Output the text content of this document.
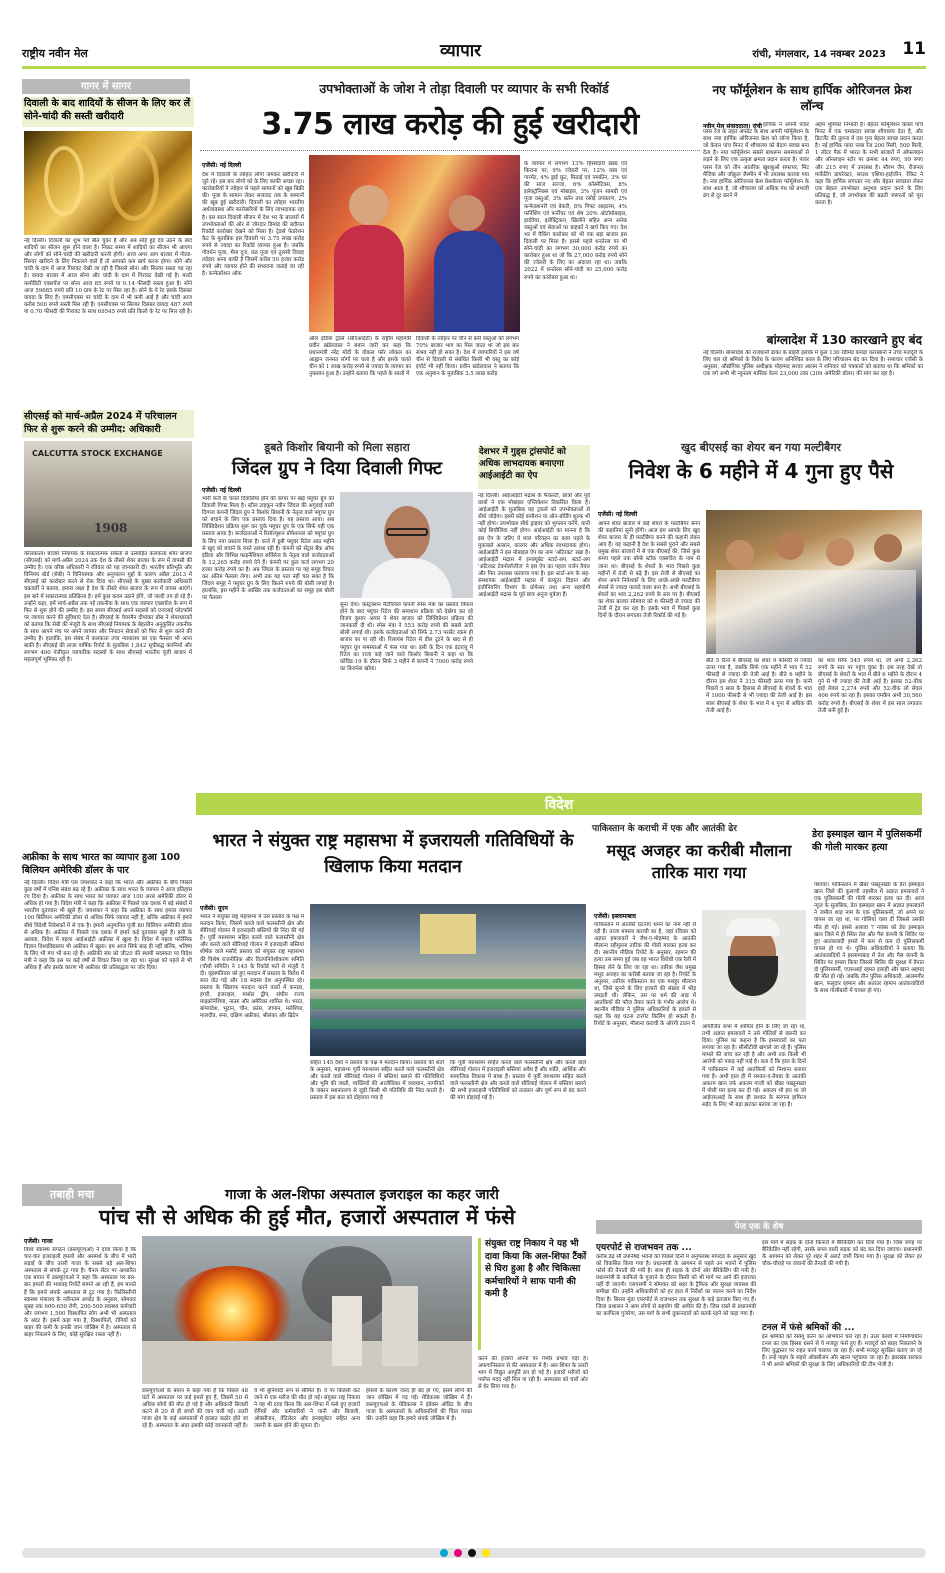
राष्ट्रीय नवीन मेल	व्यापार	रांची, मंगलवार, 14 नवम्बर 2023 11
गागर में सागर
दिवाली के बाद शादियों के सीजन के लिए कर लें सोने-चांदी की सस्ती खरीदारी
नई दिल्ली। दिवाली का शुभ पर्व बीत चुका है और अब सोई हुई देव उठने के बाद शादियों का सीजन शुरू होने वाला है। निकट समय में शादियों का सीजन भी आएगा और लोगों को सोने-चांदी की खरीदारी करनी होगी। आज अगर आप बाजार में गोल्ड-सिल्वर खरीदने के लिए निकलने वाले हैं तो आपको कम खर्च करना होगा। सोने और चांदी के दाम में आज गिरावट देखी जा रही है जिससे सोना और सिल्वर सस्ता पड़ रहा है। वायदा बाजार में आज सोना और चांदी के दाम में गिरावट देखी गई है। मल्टी कमोडिटी एक्सचेंज पर सोना आज 85 रुपये या 0.14 फीसदी सस्ता हुआ है। सोने आज 59685 रुपये प्रति 10 ग्राम के रेट पर मिल रहा है। सोने के ये रेट इसके दिसंबर वायदा के लिए हैं। एमसीएक्स पर चांदी के दाम में भी कमी आई है और चांदी आज करीब 500 रुपये सस्ती मिल रही है। एमसीएक्स पर सिल्वर दिसंबर वायदा 487 रुपये या 0.70 फीसदी की गिरावट के साथ 69545 रुपये प्रति किलो के रेट पर मिल रही है।
सीएसई को मार्च-अप्रैल 2024 में परिचालन फिर से शुरू करने की उम्मीद: अधिकारी
CALCUTTA STOCK EXCHANGE
1908
कोलकाता। बाजार नियामक के सकारात्मक संकेतों से उत्साहित कलकत्ता शेयर बाजार (सीएसई) को मार्च-अप्रैल 2024 तक देश के तीसरे शेयर बाजार के रूप में वापसी की उम्मीद है। एक वरिष्ठ अधिकारी ने रविवार को यह जानकारी दी। भारतीय प्रतिभूति और विनिमय बोर्ड (सेबी) ने विनियामक और अनुपालन मुद्दों के कारण अप्रैल 2013 में सीएसई को कारोबार करने से रोक दिया था। सीएसई के मुख्य कार्यकारी अधिकारी चक्रवर्ती ने बताया, हमारा लक्ष्य है देश के तीसरे शेयर बाजार के रूप में वापस आएंगे। इस बारे में सकारात्मक प्रतिक्रिया है। हमें कुछ कदम उठाने होंगे, जो जल्दी तय हो रहे हैं। उन्होंने कहा, हमें मार्च-अप्रैल तक नई तकनीक के साथ एक व्यापार एक्सचेंज के रूप में फिर से शुरू होने की उम्मीद है। इस समय सीएसई अपने सदस्यों को एनएसई प्लेटफॉर्म पर व्यापार करने की सुविधाएं देता है। सीएसई के चेयरमैन दीपांकर बोस ने शेयरधारकों को बताया कि सेबी की मंजूरी के साथ सीएसई नियामक के बेहतरीन अनुकूलित तकनीक के साथ आपने मंच पर अपने व्यापार और निपटान सेवाओं को फिर से शुरू करने की उम्मीद है। हालांकि, इस संबंध में कलकत्ता उच्च न्यायालय का एक फैसला भी आना बाकी है। सीएसई की ताजा वार्षिक रिपोर्ट के मुताबिक 1,842 सूचीबद्ध कंपनियों और लगभग 400 पंजीकृत व्यापारिक सदस्यों के साथ सीएसई भारतीय पूंजी बाजार में महत्वपूर्ण भूमिका रही है।
अफ्रीका के साथ भारत का व्यापार हुआ 100 बिलियन अमेरिकी डॉलर के पार
नई दिल्ली। विदेश मंत्री एस जयशंकर ने कहा कि भारत और अफ्रीका के बीच पिछले कुछ वर्षों में घनिष्ठ संबंध बढ़ रहे हैं। अफ्रीका के साथ भारत के व्यापार ने आज इतिहास रच दिया है। अफ्रीका के साथ भारत का व्यापार आज 100 अरब अमेरिकी डॉलर से अधिक हो गया है। विदेश मंत्री ने कहा कि अफ्रीका में पिछले एक दशक में बड़े संबंधों में भारतीय दूतावास भी खुले हैं। जयशंकर ने कहा कि अफ्रीका के साथ हमारा व्यापार 100 बिलियन अमेरिकी डॉलर से अधिक सिर्फ व्यापार नहीं है, बल्कि अफ्रीका में हमारे सीधे विदेशी निवेशकों में से एक है। हमारी अनुमानित पूंजी 80 बिलियन अमेरिकी डॉलर से अधिक है। अफ्रीका में पिछले एक दशक में हमारे कई दूतावास खुले हैं। इसी के अलावा, विदेश में पहला आईआईटी अफ्रीका में खुला है। विदेश में पहला फोरेंसिक विज्ञान विश्वविद्यालय भी अफ्रीका में खुला। हम आज सिर्फ बाढ़ ही नहीं बल्कि, भविष्य के लिए भी मंच भी बना रहे हैं। अफ्रीकी संघ को जी20 की स्थायी सदस्यता पर विदेश मंत्री ने कहा कि इस पर कई वर्षों से विचार किया जा रहा था। सुरक्षा को पहले से भी अधिक हैं और इसके कारण भी अफ्रीका की प्रतिबद्धता पर जोर दिया।
उपभोक्ताओं के जोश ने तोड़ा दिवाली पर व्यापार के सभी रिकॉर्ड
3.75 लाख करोड़ की हुई खरीदारी
एजेंसी। नई दिल्ली
देश में दिवाली के त्योहार लोगों जमकर खरीदारी में जुटे रहे। इस बार लोगों को के लिए काफी अच्छा रहा। कारोबारियों ने त्योहार से पहले सामानों को खूब बिक्री की। पूजा के सामान लेकर सजावट तक के सामानों की खूब हुई खरीदारी। दिवाली का त्योहार भारतीय अर्थव्यवस्था और कारोबारियों के लिए लाभदायक रहा है। इस साल दिवाली सीजन में देश भर के बाजारों में उपभोक्ताओं की ओर से जोरदार डिमांड की बदौलत रिकॉर्ड कारोबार देखने को मिला है। ट्रेडर्स फेडरेशन कैट के मुताबिक इस दिवाली पर 3.75 लाख करोड़ रुपये से ज्यादा का रिकॉर्ड व्यापार हुआ है। जबकि गोवर्धन पूजा, भैया दूज, छठ पूजा एवं तुलसी विवाह त्योहार आना बाकी है जिसमें करीब 50 हजार करोड़ रुपये और व्यापार होने की संभावना जताई जा रही है। कन्फेडरेशन ऑफ
ऑल इंडिया ट्रेडर्स (सीएआईटी) के राष्ट्रीय महामंत्री प्रवीन खंडेलवाल ने बयान जारी कर कहा कि प्रधानमंत्री नरेंद्र मोदी के वोकल फॉर लोकल का आह्वान जनमत लोगों पर चला है और इसके चलते चीन को 1 लाख करोड़ रुपये से ज्यादा के व्यापार का नुकसान हुआ है। उन्होंने बताया कि पहले के सालों में
दिवाली के त्योहार पर चीन से बनी वस्तुओं को लगभग 70% बाजार भाग का मिल जाता था जो इस बार संभव नहीं हो सका है। देश में व्यापारियों ने इस वर्ष चीन से दिवाली से संबंधित किसी भी वस्तु का कोई इंपोर्ट भी नहीं किया। प्रवीन खंडेलवाल ने बताया कि एक अनुमान के मुताबिक 3.5 लाख करोड़
के व्यापार में लगभग 13% हिस्सेदारी खाद्य एवं किराना पर, 9% ज्वेलरी पर, 12% वस्त्र एवं गारमेंट, 4% ड्राई फ्रूट, मिठाई एवं नमकीन, 3% घर की साज सज्जा, 6% कॉस्मेटिक्स, 8% इलेक्ट्रॉनिक्स एवं मोबाइल, 3% पूजन सामग्री एवं पूजा वस्तुओं, 3% बर्तन तथा रसोई उपकरण, 2% कन्फेक्शनरी एवं बेकरी, 8% गिफ्ट आइटम्स, 4% फर्निशिंग एवं फर्नीचर एवं शेष 20% ऑटोमोबाइल, हार्डवेयर, इलेक्ट्रिकल, खिलौने सहित अन्य अनेक वस्तुओं एवं सेवाओं पर ग्राहकों ने खर्च किए गए। देश भर में पैकिंग कारोबार को भी एक बड़ा बाजार इस दिवाली पर मिला है। इससे पहले धनतेरस पर भी सोने-चांदी का लगभग 30,000 करोड़ रुपये का कारोबार हुआ था जो कि 27,000 करोड़ रुपये सोने की ज्वेलरी के लिए का अंदाजा रहा था। जबकि 2022 में धनतेरस सोने-चांदी का 25,000 करोड़ रुपये का कारोबार हुआ था।
नए फॉर्मूलेशन के साथ हार्पिक ओरिजनल फ्रेश लॉन्च
नवीन मेल संवाददाता। रांची हार्पिक ने अपनी पावर प्लस रेंज के तहत अपडेट के साथ अपनी फॉर्मूलेशन के साथ नया हार्पिक ओरिजनल फ्रेश को लॉन्च किया है, जो केवल पांच मिनट में शौचालय को बेदाग स्वच्छ बना देता है। नया फॉर्मूलेशन सबसे बाथरूम समस्याओं से लड़ने के लिए एक उत्कृष्ट क्षमता प्रदान करता है। पावर प्लस रेंज को तीन आंतरिक खुशबुओं सफायर, मिंट मैजिक और जॉफ्रुल जैस्मीन में भी उपलब्ध कराया गया है। नया हार्पिक ओरिजनल फ्रेश फ्रेशकेयर फॉर्मूलेशन के साथ आता है, जो शौचालय को अधिक गंध को प्रभावी ढंग से दूर करने में
अहम भूमिका निभाती है। बेहतर फॉर्मूलेशन केवल पांच मिनट में एक चमकदार स्वच्छ शौचालय देता है, और डिटर्जेंट की तुलना में दस गुना बेहतर स्वच्छ प्रदान करता है। नई हार्पिक पावर प्लस रेंज 200 मिली, 500 मिली, 1 लीटर पैक में भारत के सभी बाजारों में ऑफलाइन और ऑनलाइन स्टोर पर क्रमशः 44 रुपए, 99 रुपए और 215 रुपए में उपलब्ध है। सौरभ जैन, रीजनल मार्केटिंग डायरेक्टर, साउथ एशिया-हाईजीन, रेकिट ने कहा कि हार्पिक लगातार नए और बेहतर स्वच्छता लेकर एक बेहतर उपभोक्ता अनुभव प्रदान करने के लिए प्रतिबद्ध है, जो उपभोक्ता की बढ़ती जरूरतों को पूरा करता है।
बांग्लादेश में 130 कारखाने हुए बंद
नई दिल्ली। बांग्लादेश की राजधानी ढाका के बाहरी इलाके में कुल 130 रेडीमेड कपड़ा कारखानों ने उच्च मजदूरी के लिए चल रहे श्रमिकों के विरोध के कारण अनिश्चित काल के लिए परिचालन बंद कर दिया है। समाचार एजेंसी के अनुसार, औद्योगिक पुलिस अधीक्षक मोहम्मद सरवर आलम ने शनिवार को पत्रकारों को बताया था कि श्रमिकों का एक वर्ग अभी भी न्यूनतम मासिक वेतन 23,000 टका (209 अमेरिकी डॉलर) की मांग कर रहा है।
डूबते किशोर बियानी को मिला सहारा
जिंदल ग्रुप ने दिया दिवाली गिफ्ट
एजेंसी। नई दिल्ली
भारी कर्ज के चलते दिवालिया होने की कगार पर खड़े फ्यूचर ग्रुप को दिवाली गिफ्ट मिला है। स्टील टाइकून नवीन जिंदल की अगुवाई वाली दिग्गज कंपनी जिंदल ग्रुप ने किशोर बियानी के नेतृत्व वाले फ्यूचर ग्रुप को बचाने के लिए एक प्रस्ताव दिया है। यह प्रस्ताव आया। अब लिक्विडेशन प्रक्रिया शुरू कर चुके फ्यूचर ग्रुप के एक सिर्फ यही एक प्रस्ताव आया है। कर्जदाताओं ने रिसॉल्यूशन प्रोफेशनल को फ्यूचर ग्रुप के लिए नया प्रस्ताव मिला है। कर्ज में डूबी फ्यूचर रिटेल आठ महीने से खुद को बचाने के रास्ते तलाश रही है। कंपनी को सेंट्रल बैंक ऑफ इंडिया और विभिन्न फाइनेंशियल सर्विसेज के नेतृत्व वाले कर्जदाताओं के 12,265 करोड़ रुपये देने हैं। कंपनी पर कुल कर्ज लगभग 20 हजार करोड़ रुपये का है। अब जिंदल के प्रस्ताव पर यह समूह विचार कर अंतिम फैसला लेगा। अभी तक यह पता नहीं चल सका है कि जिंदल समूह ने फ्यूचर ग्रुप के लिए कितने रुपये की बोली लगाई है। हालांकि, इस महीने के आखिर तक कर्जदाताओं का समूह इस बोली पर फैसला
सुना देगा। कंस्ट्रक्शन मैटीरियल कंपनी स्पेस मंत्रा का प्रस्ताव विफल होने के बाद फ्यूचर रिटेल की समाधान प्रक्रिया को देखेगा कर रहे विजय कुमार अय्यर ने शेयर बाजार को लिक्विडेशन प्रक्रिया की जानकारी दी थी। स्पेस मंत्रा ने 553 करोड़ रुपये की सबसे ऊंची बोली लगाई थी। इसके कर्जदाताओं को सिर्फ 2.73 परसेंट रकम ही बाजार का पा रही थी। रिलायंस रिटेल से डील टूटने के बाद से ही फ्यूचर ग्रुप समस्याओं में फंस गया था। इसी के दिन एक इंटरव्यू में रिटेल का राजा कहे जाने वाले किशोर बियानी ने कहा था कि कोविड-19 के दौरान सिर्फ 3 महीने में कंपनी ने 7000 करोड़ रुपये का बिजनेस खोया।
देशभर में गुड्स ट्रांसपोर्ट को अधिक लाभदायक बनाएगा आईआईटी का ऐप
नई दिल्ली। आईआईटी मद्रास के फैकल्टी, छात्रों और पूर्व छात्रों ने एक मोबाइल एप्लिकेशन विकसित किया है। आईआईटी के मुताबिक यह ट्रकर्स को उपभोक्ताओं से सीधे जोड़ेगा। इसमें कोई कमीशन या ऑन-बोर्डिंग शुल्क भी नहीं होगा। उपभोक्ता सीधे ड्राइवर को भुगतान करेंगे, यानी कोई बिचौलिया नहीं होगा। आईआईटी का मानना है कि इस ऐप के ज़रिए ये माल परिवहन का काम पहले के मुकाबले आसान, कारगर और अधिक लाभदायक होगा। आईआईटी ने इस मोबाइल ऐप का नाम 'अंटिरक्ट' रखा है। आईआईटी मद्रास में इनक्यूबेट स्टार्ट-अप, स्टार्ट-अप 'अंटिरक्ट टेक्नोलॉजीज' ने इस ऐप का पहला वर्जन तैयार और फिर उपलब्ध करवाया गया है। इस स्टार्ट-अप के सह-संस्थापक आईआईटी मद्रास में कंप्यूटर विज्ञान और इंजीनियरिंग विभाग के प्रोफेसर तथा अन्य सहयोगी आईआईटी मद्रास के पूर्व छात्र अनुज मुत्रेजा हैं।
खुद बीएसई का शेयर बन गया मल्टीबैगर
निवेश के 6 महीने में 4 गुना हुए पैसे
एजेंसी। नई दिल्ली
आपने शेयर बाजार में कई शेयरों के मल्टीबैगर बनने की कहानियां सुनी होंगी। आज हम आपके लिए खुद शेयर बाजार के ही मल्टीबैगर बनने की कहानी लेकर आए हैं। यह कहानी है देश के सबसे पुराने और सबसे प्रमुख शेयर बाजारों में से एक बीएसई की, जिसे कुछ समय पहले तक बॉम्बे स्टॉक एक्सचेंज के नाम से जाना था। बीएसई के शेयरों के भाव पिछले कुछ महीनों में तेजी से बढ़े हैं। इस तेजी से बीएसई का शेयर अपने निवेशकों के लिए अच्छे-अच्छे मल्टीबैगर शेयर्स से ज्यादा फायदे वाला बना है। अभी बीएसई के शेयरों का भाव 2,262 रुपये के स्तर पर है। बीएसई का शेयर बाजार सोमवार को 6 फीसदी से ज्यादा की तेजी में ट्रेड कर रहा है। इसके भाव में पिछले कुछ दिनों के दौरान लगातार तेजी रिकॉर्ड की गई है।
बीते 5 दिनों में बीएसई का शेयर 9 फीसदी से ज्यादा ऊपर गया है, जबकि सिर्फ एक महीने में भाव में 52 फीसदी से ज्यादा की तेजी आई है। बीते 6 महीने के दौरान इस शेयर ने 315 फीसदी ऊपर गया है। यानी पिछले 5 साल के हिसाब से बीएसई के शेयरों के भाव में 1000 फीसदी से भी ज्यादा की तेजी आई है। इस साल बीएसई के शेयर के भाव में 4 गुना से अधिक की तेजी आई है।
का भाव सिर्फ 545 रुपये था, जो अभी 2,262 रुपये के स्तर पर पहुंच चुका है। इस तरह देखें तो बीएसई के शेयरों के भाव में बीते 6 महीने के दौरान 4 गुने से भी ज्यादा की तेजी आई है। इसका 52-वीक हाई लेवल 2,274 रुपये और 52-वीक लो लेवल 406 रुपये का रहा है। इसका एमकैप अभी 30,560 करोड़ रुपये है। बीएसई के शेयर में इस साल लगातार तेजी बनी हुई है।
विदेश
भारत ने संयुक्त राष्ट्र महासभा में इजरायली गतिविधियों के खिलाफ किया मतदान
एजेंसी। यूएन
भारत ने संयुक्त राष्ट्र महासभा में उस प्रस्ताव के पक्ष में मतदान किया, जिसमें कब्जे वाले फलस्तीनी क्षेत्र और सीरियाई गोलान में इजराइली बस्तियों की निंदा की गई है। पूर्वी यरुशलम सहित कब्जे वाले फलस्तीनी क्षेत्र और कब्जे वाले सीरियाई गोलान में इजराइली बस्तियां शीर्षक वाले मसौदे प्रस्ताव को संयुक्त राष्ट्र महासभा की विशेष राजनीतिक और विउपनिवेशीकरण समिति (चौथी समिति) ने 145 के रिकॉर्ड मतों से मंजूरी दे दी। वृहस्पतिवार को हुए मतदान में प्रस्ताव के विरोध में सात वोट पड़े और 18 सदस्य देश अनुपस्थित रहे। प्रस्ताव के खिलाफ मतदान करने वालों में कनाडा, हंगरी, इजराइल, मार्शल द्वीप, संघीय राज्य माइक्रोनेशिया, नाउरु और अमेरिका शामिल थे। भारत, बांग्लादेश, भूटान, चीन, फ्रांस, जापान, मलेशिया, मालदीव, रूस, दक्षिण अफ्रीका, श्रीलंका और ब्रिटेन
सहित 145 देशों ने प्रस्ताव के पक्ष में मतदान किया। प्रस्ताव की शर्तों के अनुसार, महासभा पूर्वी यरुशलम सहित कब्जे वाले फलस्तीनी क्षेत्र और कब्जे वाले सीरियाई गोलान में बस्तियां बसाने की गतिविधियों और भूमि की जब्ती, व्यक्तियों की आजीविका में व्यवधान, नागरिकों के जबरन स्थानांतरण से जुड़ी किसी भी गतिविधि की निंदा करती है। प्रस्ताव में इस बात को दोहराया गया है
कि पूर्वी यरुशलम सहित कब्जे वाले फलस्तीनी क्षेत्र और कब्जे वाले सीरियाई गोलान में इजराइली बस्तियां अवैध हैं और शांति, आर्थिक और सामाजिक विकास में बाधा हैं। प्रस्ताव में पूर्वी यरुशलम सहित कब्जे वाले फलस्तीनी क्षेत्र और कब्जे वाले सीरियाई गोलान में बस्तियां बसाने की सभी इजराइली गतिविधियों को तत्काल और पूर्ण रूप से बंद करने की मांग दोहराई गई है।
पाकिस्तान के कराची में एक और आतंकी ढेर
मसूद अजहर का करीबी मौलाना तारिक मारा गया
एजेंसी। इस्लामाबाद
पाकिस्तान में आतंकी घटनाएं थमने का नाम नहीं ले रही हैं। ताजा मामला कराची का है, जहां रविवार को अज्ञात हमलावरों ने जैश-ए-मोहम्मद के आतंकी मौलाना रहीमुल्ला तारिक की गोली मारकर हत्या कर दी। स्थानीय मीडिया रिपोर्ट के अनुसार, रहमान की हत्या उस समय हुई जब वह भारत विरोधी एक रैली में हिस्सा लेने के लिए जा रहा था। तारिक जैश प्रमुख मसूद अजहर का करीबी बताया जा रहा है। रिपोर्ट के अनुसार, तारिक पाकिस्तान का एक मशहूर मौलाना था, जिसे सुनने के लिए हजारों की संख्या में भीड़ उमड़ती थी। लेकिन, उस पर धर्म की आड़ में आतंकियों की फौज तैयार करने के गंभीर आरोप थे। स्थानीय मीडिया ने पुलिस अधिकारियों के हवाले से कहा कि यह घटना टारगेट किलिंग हो सकती है। रिपोर्ट के अनुसार, मौलाना कराची के ओरंगी टाउन में आयोजित सभा में शामिल होने के लिए जा रहा था, तभी अज्ञात हमलावरों ने उसे गोलियों से छलनी कर दिया। पुलिस का कहना है कि हमलावरों का पता लगाया जा रहा है। सीसीटीवी खंगाले जा रहे हैं। पुलिस मामले की जांच कर रही है और अभी तक किसी भी आरोपी को पकड़ नहीं पाई है। बता दें कि हाल के दिनों में पाकिस्तान में कई आतंकियों को निशाना बनाया गया है। अभी हाल ही में लश्कर-ए-तैयबा के आतंकी अकरम खान उर्फ अकरम गाजी को खैबर पख्तूनख्वा में गोली मार हत्या कर दी गई। अकरम भी हरा था जो आईएसआई के साथ ही लश्कर के सरगना हाफिज सईद के लिए भी बड़ा झटका बताया जा रहा है।
डेरा इस्माइल खान में पुलिसकर्मी की गोली मारकर हत्या
पेशावर। पाकिस्तान में खैबर पख्तूनख्वा के डेरा इस्माइल खान जिले की कुलाची तहसील में अज्ञात हमलावरों ने एक पुलिसकर्मी की गोली मारकर हत्या कर दी। आज न्यूज के मुताबिक, डेरा इस्माइल खान में अज्ञात हमलावरों ने जमील शाह नाम के एक पुलिसकर्मी, जो अपने घर वापस जा रहा था, पर गोलियां चला दीं जिससे उसकी मौत हो गई। इससे अलावा 7 नवंबर को डेरा इस्माइल खान जिले में ही स्थित तेल और गैस कंपनी के शिविर पर हुए आतंकवादी हमले में कम से कम दो पुलिसकर्मी घायल हो गए थे। पुलिस अधिकारियों ने बताया कि आतंकवादियों ने इस्लामाबाद में तेल और गैस कंपनी के शिविर पर हमला किया जिससे शिविर की सुरक्षा में तैनात दो पुलिसकर्मी, एएसआई रहमत इलाही और खान अहमद की मौत हो गई। जबकि तीन पुलिस अधिकारी, आलमगीर खान, फलूदार रहमान और अताउर रहमान आतंकवादियों के साथ गोलीबारी में घायल हो गए।
तबाही मचा	गाजा के अल-शिफा अस्पताल इजराइल का कहर जारी
पांच सौ से अधिक की हुई मौत, हजारों अस्पताल में फंसे
एजेंसी। गाजा
विश्व स्वास्थ्य संगठन (डब्ल्यूएचओ) ने दावा किया है कि चार-चार इजराइली हमलों और असमर्थ के बीच में भारी लड़ाई के बीच उत्तरी गाजा के सबसे बड़े अल-शिफा अस्पताल से संपर्क टूट गया है। चैनल सेंटर पर आधारित एक बयान में डब्ल्यूएचओ ने कहा कि अस्पताल पर बार-बार हमलों की भयावह रिपोर्टें सामने आ रही हैं, हम मानते हैं कि हमारे संपर्क अस्पताल से टूट गया है। फिलिस्तीनी स्वास्थ्य मंत्रालय के नवीनतम अपडेट के अनुसार, सोमवार सुबह तक 600-650 रोगी, 200-500 स्वास्थ्य कर्मचारी और लगभग 1,500 विस्थापित लोग अभी भी अस्पताल के अंदर हैं। इसमें कहा गया है, विस्थापितों, रोगियों को बाहर की कमी के इनकी जान जोखिम में है। अस्पताल से बाहर निकलने के लिए, कोई सुरक्षित रास्ता नहीं है।
डब्ल्यूएचओ के बयान में कहा गया है कि पिछले 48 घंटों में अस्पताल पर कई हमले हुए हैं, जिसमें 50 से अधिक लोगों की मौत हो गई है और अधिकारी बिजली कटने से 20 से ही बच्चों की जान चली गई। उत्तरी गाजा क्षेत्र के कई अस्पतालों में हालात कठोर होते जा रहे हैं। अस्पताल के अंदर इसकी कोई जानकारी नहीं है।
वे भी बुनियादी रूप से सीमित हैं। वे पर बिजली कट जाने से एक मरीज की मौत हो गई। संयुक्त राष्ट्र निकाय ने यह भी दावा किया कि अल-शिफा में फंसे हुए हजारों रोगियों और कर्मचारियों ने पानी और बिजली, ऑक्सीजन, वेंटिलेटर और इनक्यूबेटर सहित अन्य जरूरी के खत्म होने की सूचना दी।
हमलों के कारण जल्द ही बंद हो गए, इसमें लोगों की जान जोखिम में पड़ गई। मेडिकल्स जोखिम में हैं। डब्ल्यूएचओ के मेडिकल्स ने इंडेक्स ऑडिट के बीच गाजा के अस्पतालों के अधिकारियों की चिंता व्यक्त की। उन्होंने कहा कि हमारे संपर्क जोखिम में हैं।
संयुक्त राष्ट्र निकाय ने यह भी दावा किया कि अल-शिफा टैंकों से घिरा हुआ है और चिकित्सा कर्मचारियों ने साफ पानी की कमी है
करने की हजारों अपनों पर गंभीर प्रभाव पड़ा है। अफगानिस्तान से की अस्पताल में हैं। अल-शिफा के उत्तरी भाग में विद्युत आपूर्ति ठप हो गई है। हजारों मरीजों को पर्याप्त मदद नहीं मिल पा रही है। अस्पताल को चारों ओर से घेर लिया गया है।
पेज एक के शेष
एयरपोर्ट से राजभवन तक ...
करीब डेढ़ सौ उपनिषद भवनों को पिछले दिनों में अनुपलब्ध मापदंड के अनुसार खुद को विकसित किया गया है। प्रधानमंत्री के आगमन से पहले उन भवनों में पुलिस फोर्स की तैनाती की गयी है। साथ ही सड़क के दोनों ओर बैरिकेडिंग की गयी है। प्रधानमंत्री के काफिले के गुजरने के दौरान किसी को भी मार्ग पर आने की इजाजत नहीं दी जाएगी। एसएसपी ने सोमवार को शहर के ट्रैफिक और सुरक्षा व्यवस्था की समीक्षा की। उन्होंने अधिकारियों को हर हाल में निर्देशों का पालन करने का निर्देश दिया है। बिरसा मुंडा एयरपोर्ट से राजभवन तक सुरक्षा के कड़े इंतजाम किए गए हैं। जिला प्रशासन ने आम लोगों से सहयोग की अपील की है। जिस रास्ते से प्रधानमंत्री का काफिला गुजरेगा, उस मार्ग के सभी दुकानदारों को सतर्क रहने को कहा गया है।
इस मार्ग में सड़क के दोनों किनारों में बैरिकेडिंग कर दिया गया है। जिस जगह पर बैरिकेडिंग नहीं रहेगी, उसके बगल वाली सड़क को बंद कर दिया जाएगा। प्रधानमंत्री के आगमन को लेकर पूरे शहर में अलर्ट जारी किया गया है। सुरक्षा को लेकर हर चौक-चौराहे पर जवानों की तैनाती की गयी है।
टनल में फंसे श्रमिकों की ...
इन श्रमिकों को रेस्क्यू करने का अभियान चल रहा है। उत्तर काशी में निर्माणाधीन टनल का एक हिस्सा धंसने से ये मजदूर फंसे हुए हैं। मजदूरों को बाहर निकालने के लिए युद्धस्तर पर राहत कार्य चलाया जा रहा है। सभी मजदूर सुरक्षित बताए जा रहे हैं। उन्हें पाइप के सहारे ऑक्सीजन और खाना पहुंचाया जा रहा है। झारखंड सरकार ने भी अपने श्रमिकों की सुरक्षा के लिए अधिकारियों की टीम भेजी है।
